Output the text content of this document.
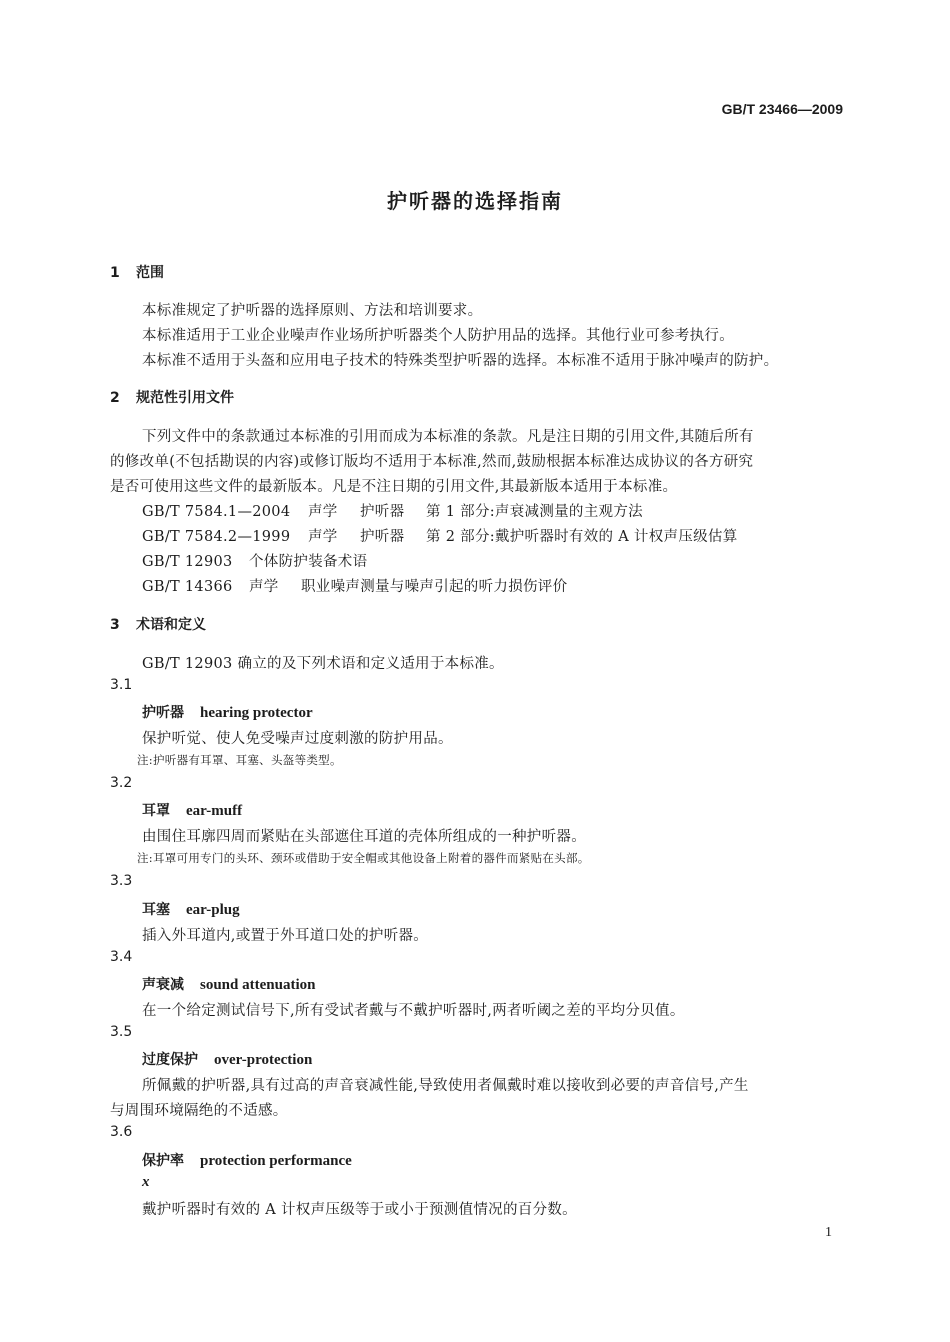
GB/T 23466—2009
护听器的选择指南
1 范围
本标准规定了护听器的选择原则、方法和培训要求。
本标准适用于工业企业噪声作业场所护听器类个人防护用品的选择。其他行业可参考执行。
本标准不适用于头盔和应用电子技术的特殊类型护听器的选择。本标准不适用于脉冲噪声的防护。
2 规范性引用文件
下列文件中的条款通过本标准的引用而成为本标准的条款。凡是注日期的引用文件,其随后所有
的修改单(不包括勘误的内容)或修订版均不适用于本标准,然而,鼓励根据本标准达成协议的各方研究
是否可使用这些文件的最新版本。凡是不注日期的引用文件,其最新版本适用于本标准。
GB/T 7584.1—2004 声学 护听器 第 1 部分:声衰减测量的主观方法
GB/T 7584.2—1999 声学 护听器 第 2 部分:戴护听器时有效的 A 计权声压级估算
GB/T 12903 个体防护装备术语
GB/T 14366 声学 职业噪声测量与噪声引起的听力损伤评价
3 术语和定义
GB/T 12903 确立的及下列术语和定义适用于本标准。
3.1
护听器 hearing protector
保护听觉、使人免受噪声过度刺激的防护用品。
注:护听器有耳罩、耳塞、头盔等类型。
3.2
耳罩 ear-muff
由围住耳廓四周而紧贴在头部遮住耳道的壳体所组成的一种护听器。
注:耳罩可用专门的头环、颈环或借助于安全帽或其他设备上附着的器件而紧贴在头部。
3.3
耳塞 ear-plug
插入外耳道内,或置于外耳道口处的护听器。
3.4
声衰减 sound attenuation
在一个给定测试信号下,所有受试者戴与不戴护听器时,两者听阈之差的平均分贝值。
3.5
过度保护 over-protection
所佩戴的护听器,具有过高的声音衰减性能,导致使用者佩戴时难以接收到必要的声音信号,产生
与周围环境隔绝的不适感。
3.6
保护率 protection performance
x
戴护听器时有效的 A 计权声压级等于或小于预测值情况的百分数。
1
